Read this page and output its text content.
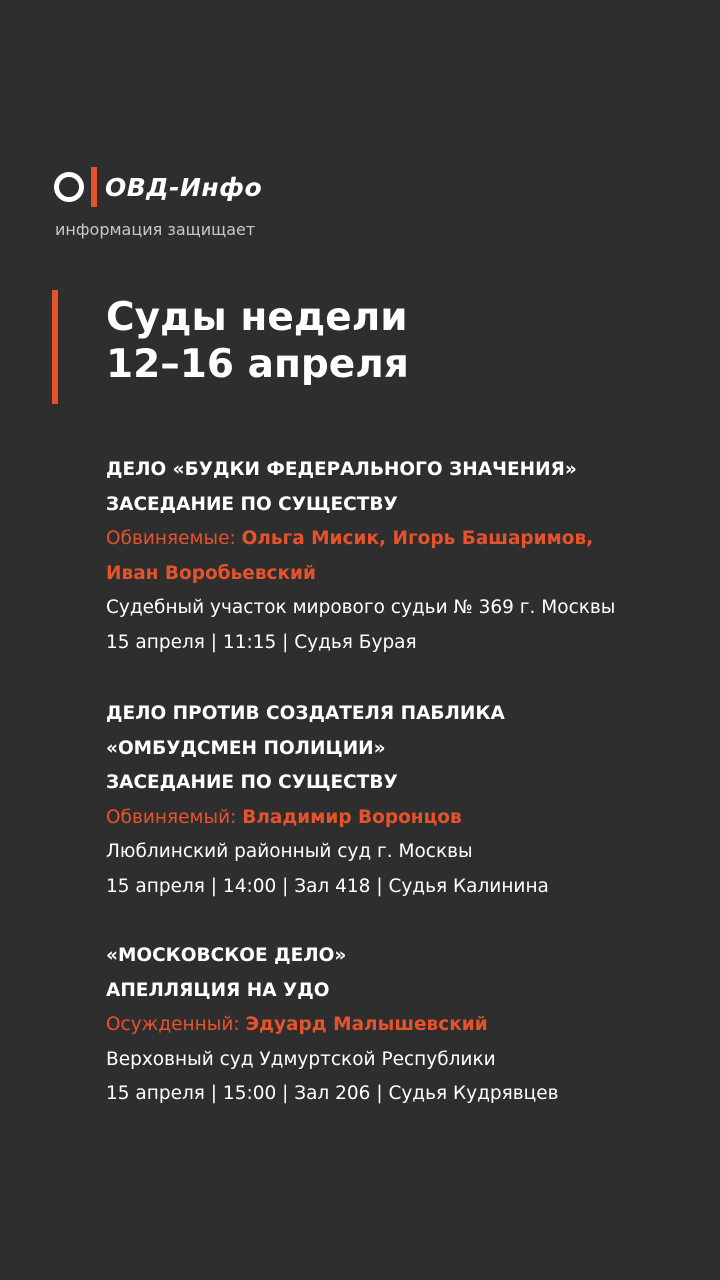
ОВД-Инфо
информация защищает
Суды недели
12–16 апреля
ДЕЛО «БУДКИ ФЕДЕРАЛЬНОГО ЗНАЧЕНИЯ»
ЗАСЕДАНИЕ ПО СУЩЕСТВУ
Обвиняемые: Ольга Мисик, Игорь Башаримов,
Иван Воробьевский
Судебный участок мирового судьи № 369 г. Москвы
15 апреля | 11:15 | Судья Бурая
ДЕЛО ПРОТИВ СОЗДАТЕЛЯ ПАБЛИКА
«ОМБУДСМЕН ПОЛИЦИИ»
ЗАСЕДАНИЕ ПО СУЩЕСТВУ
Обвиняемый: Владимир Воронцов
Люблинский районный суд г. Москвы
15 апреля | 14:00 | Зал 418 | Судья Калинина
«МОСКОВСКОЕ ДЕЛО»
АПЕЛЛЯЦИЯ НА УДО
Осужденный: Эдуард Малышевский
Верховный суд Удмуртской Республики
15 апреля | 15:00 | Зал 206 | Судья Кудрявцев
